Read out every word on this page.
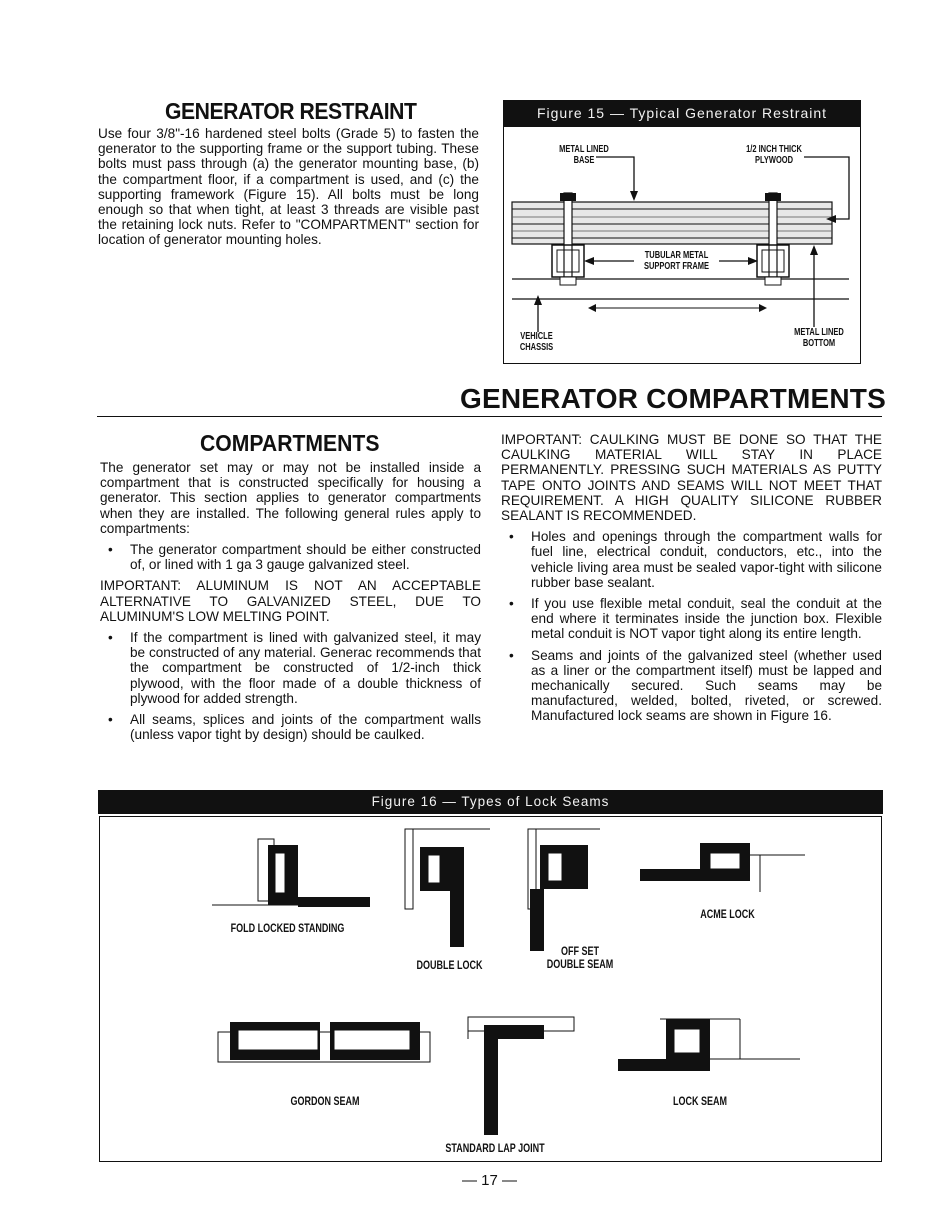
GENERATOR RESTRAINT

Use four 3/8"-16 hardened steel bolts (Grade 5) to fasten the generator to the supporting frame or the support tubing. These bolts must pass through (a) the generator mounting base, (b) the compartment floor, if a compartment is used, and (c) the supporting framework (Figure 15). All bolts must be long enough so that when tight, at least 3 threads are visible past the retaining lock nuts. Refer to "COMPARTMENT" section for location of generator mounting holes.

Figure 15 — Typical Generator Restraint
METAL LINED
BASE
1/2 INCH THICK
PLYWOOD
TUBULAR METAL
SUPPORT FRAME
VEHICLE
CHASSIS
METAL LINED
BOTTOM
GENERATOR COMPARTMENTS
COMPARTMENTS

The generator set may or may not be installed inside a compartment that is constructed specifically for housing a generator. This section applies to generator compartments when they are installed. The following general rules apply to compartments:

• The generator compartment should be either constructed of, or lined with 1 ga 3 gauge galvanized steel.

IMPORTANT: ALUMINUM IS NOT AN ACCEPTABLE ALTERNATIVE TO GALVANIZED STEEL, DUE TO ALUMINUM'S LOW MELTING POINT.

• If the compartment is lined with galvanized steel, it may be constructed of any material. Generac recommends that the compartment be constructed of 1/2-inch thick plywood, with the floor made of a double thickness of plywood for added strength.
• All seams, splices and joints of the compartment walls (unless vapor tight by design) should be caulked.

IMPORTANT: CAULKING MUST BE DONE SO THAT THE CAULKING MATERIAL WILL STAY IN PLACE PERMANENTLY. PRESSING SUCH MATERIALS AS PUTTY TAPE ONTO JOINTS AND SEAMS WILL NOT MEET THAT REQUIREMENT. A HIGH QUALITY SILICONE RUBBER SEALANT IS RECOMMENDED.

• Holes and openings through the compartment walls for fuel line, electrical conduit, conductors, etc., into the vehicle living area must be sealed vapor-tight with silicone rubber base sealant.
• If you use flexible metal conduit, seal the conduit at the end where it terminates inside the junction box. Flexible metal conduit is NOT vapor tight along its entire length.
• Seams and joints of the galvanized steel (whether used as a liner or the compartment itself) must be lapped and mechanically secured. Such seams may be manufactured, welded, bolted, riveted, or screwed. Manufactured lock seams are shown in Figure 16.
Figure 16 — Types of Lock Seams
FOLD LOCKED STANDING
DOUBLE LOCK
OFF SET
DOUBLE SEAM
ACME LOCK
GORDON SEAM
STANDARD LAP JOINT
LOCK SEAM

— 17 —
